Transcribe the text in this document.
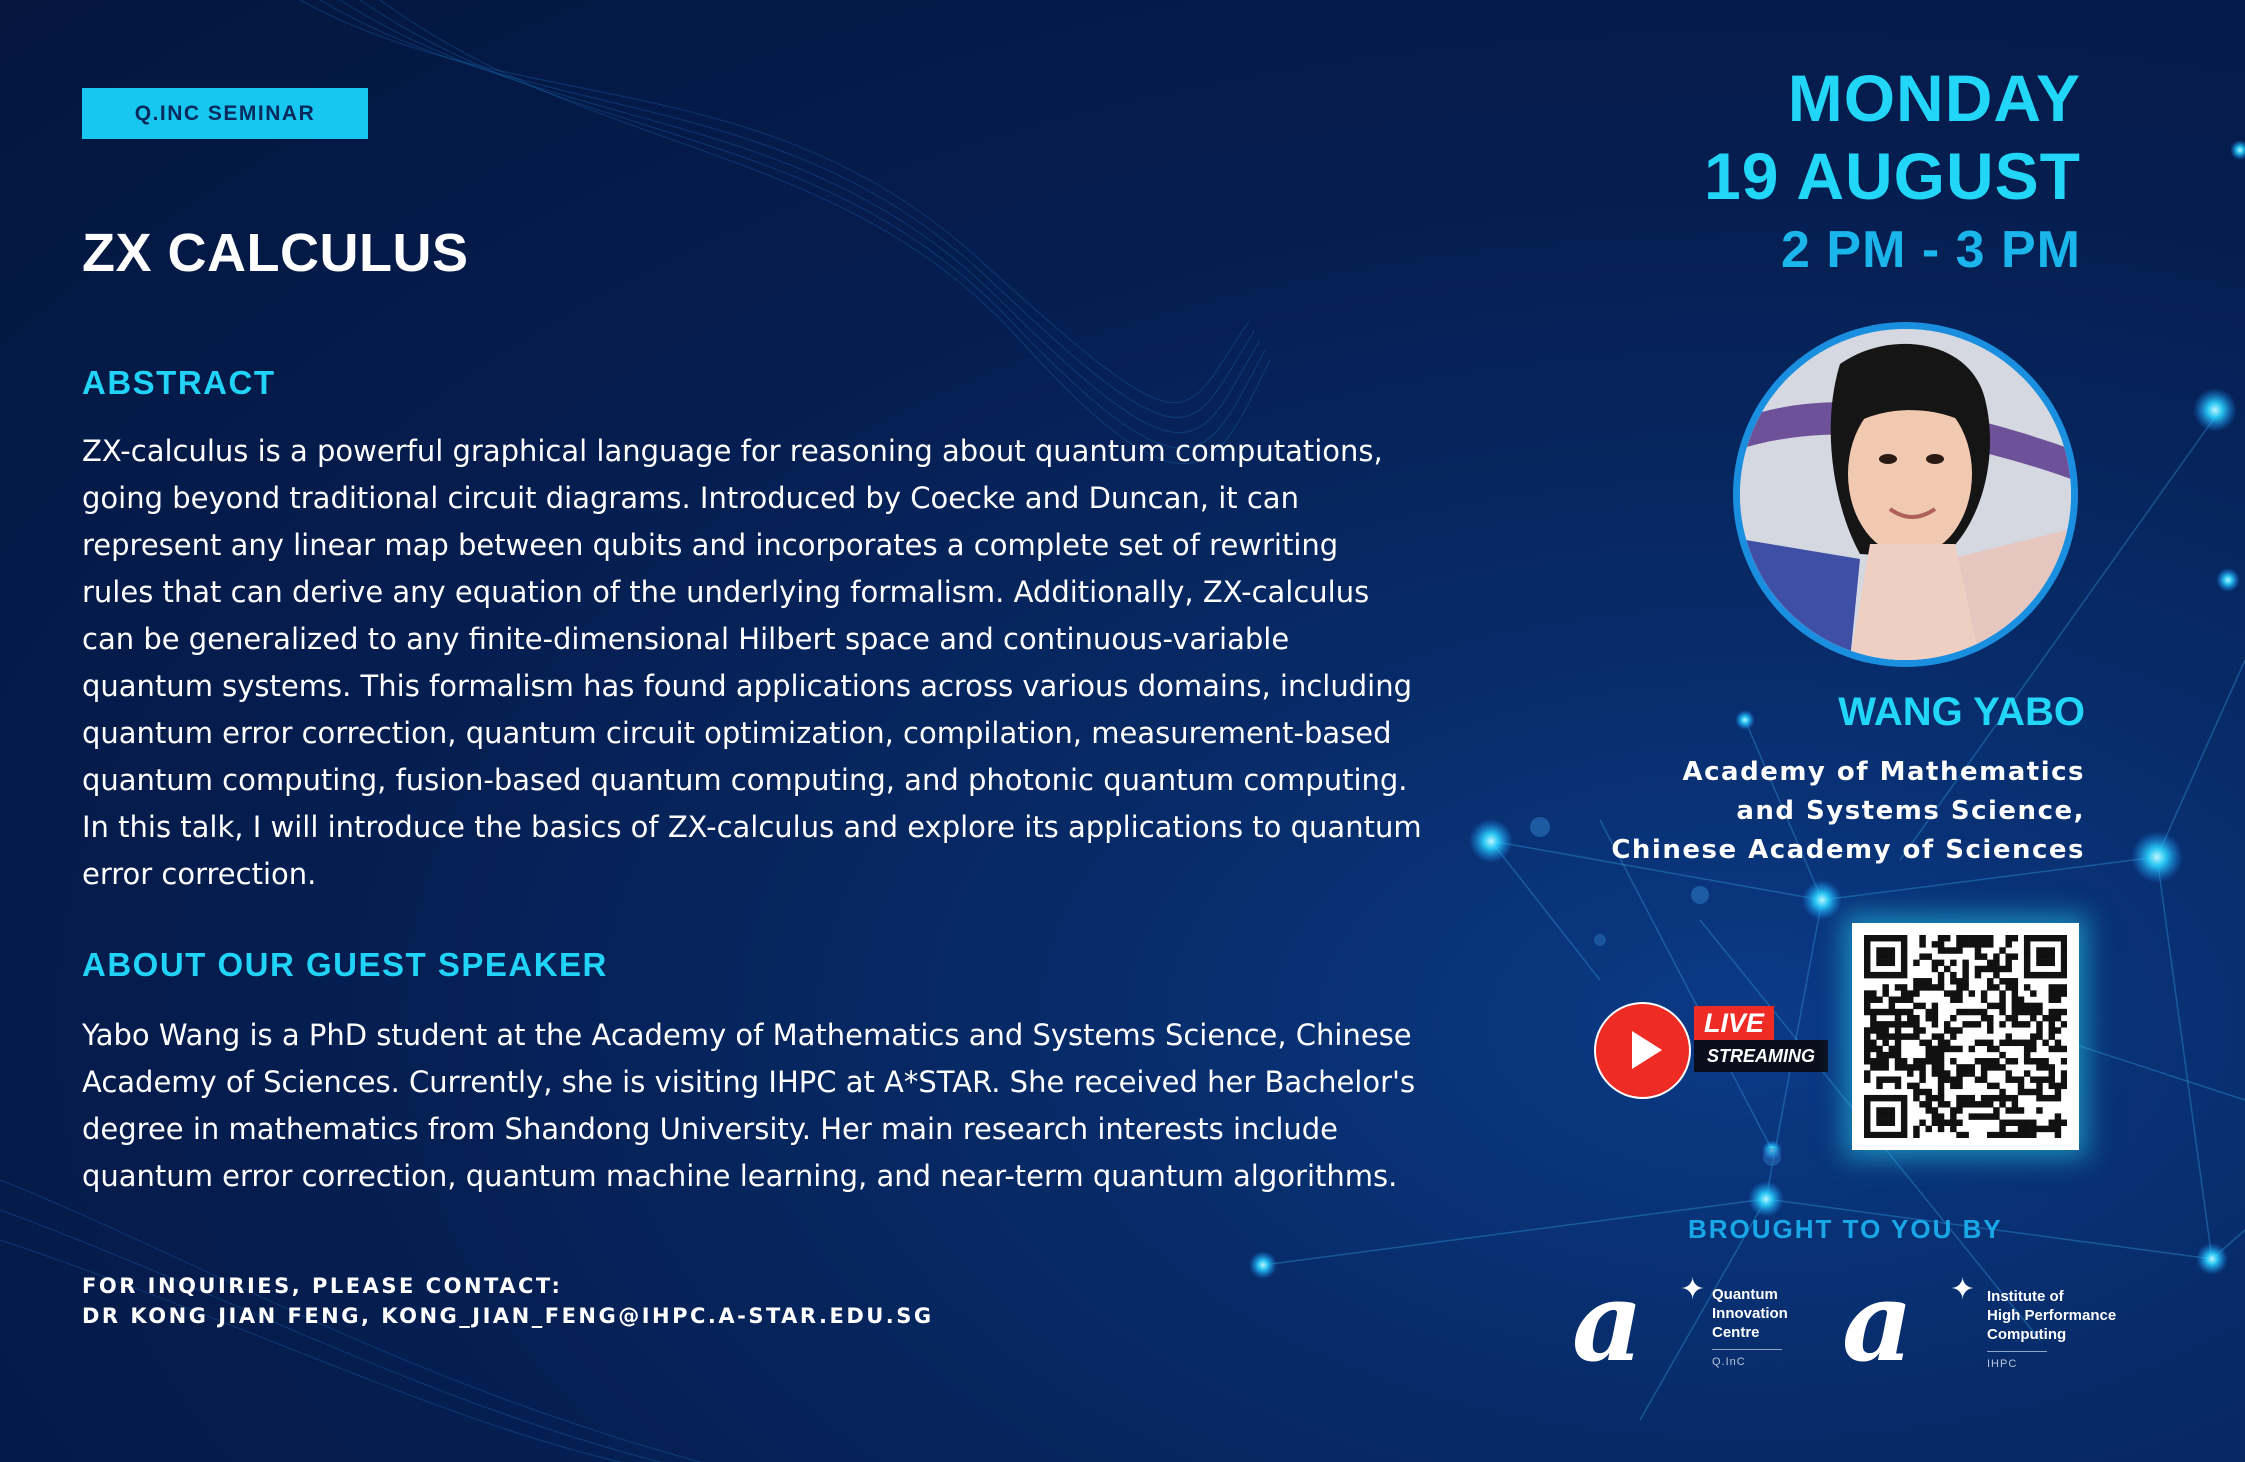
Q.INC SEMINAR
ZX CALCULUS
ABSTRACT
ZX-calculus is a powerful graphical language for reasoning about quantum computations,
going beyond traditional circuit diagrams. Introduced by Coecke and Duncan, it can
represent any linear map between qubits and incorporates a complete set of rewriting
rules that can derive any equation of the underlying formalism. Additionally, ZX-calculus
can be generalized to any finite-dimensional Hilbert space and continuous-variable
quantum systems. This formalism has found applications across various domains, including
quantum error correction, quantum circuit optimization, compilation, measurement-based
quantum computing, fusion-based quantum computing, and photonic quantum computing.
In this talk, I will introduce the basics of ZX-calculus and explore its applications to quantum
error correction.
ABOUT OUR GUEST SPEAKER
Yabo Wang is a PhD student at the Academy of Mathematics and Systems Science, Chinese
Academy of Sciences. Currently, she is visiting IHPC at A*STAR. She received her Bachelor's
degree in mathematics from Shandong University. Her main research interests include
quantum error correction, quantum machine learning, and near-term quantum algorithms.
FOR INQUIRIES, PLEASE CONTACT:
DR KONG JIAN FENG, KONG_JIAN_FENG@IHPC.A-STAR.EDU.SG
MONDAY
19 AUGUST
2 PM - 3 PM
WANG YABO
Academy of Mathematics
and Systems Science,
Chinese Academy of Sciences
LIVE
STREAMING
BROUGHT TO YOU BY
a ✦ Quantum
Innovation
Centre
Q.InC a ✦ Institute of
High Performance
Computing
IHPC
